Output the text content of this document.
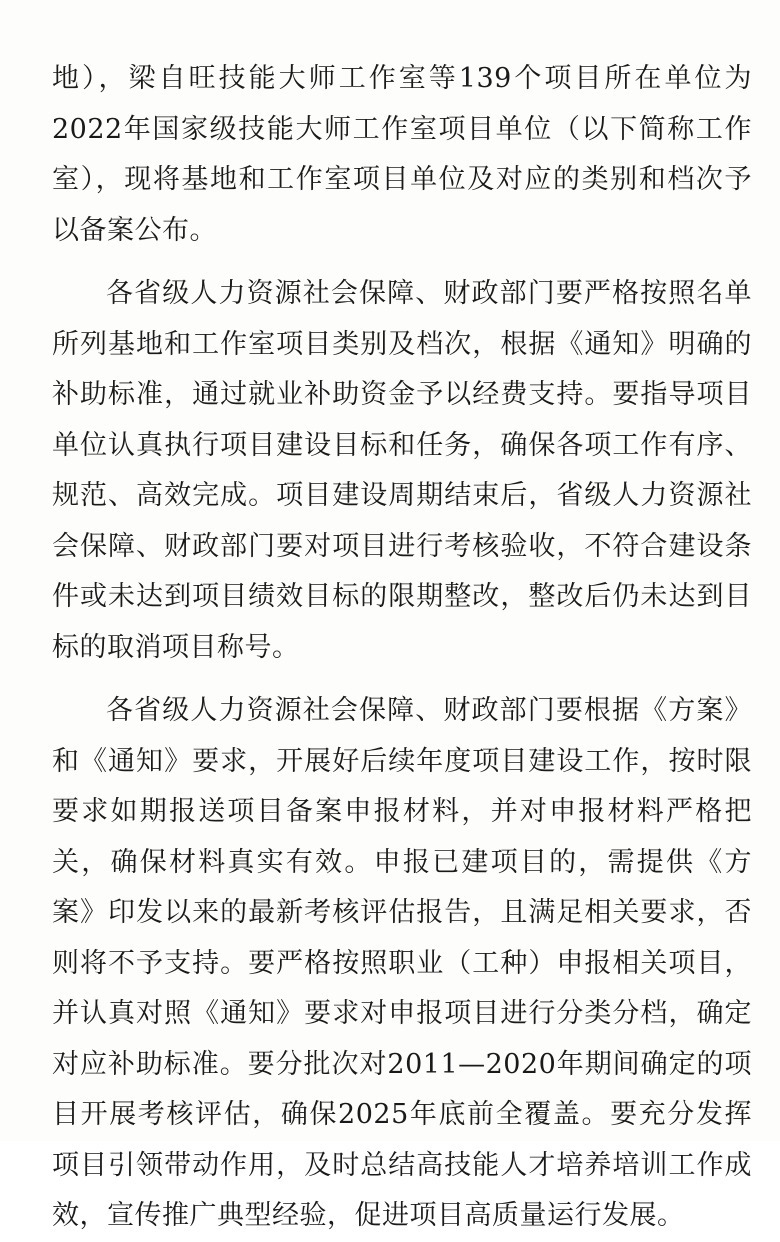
地），梁自旺技能大师工作室等139个项目所在单位为2022年国家级技能大师工作室项目单位（以下简称工作室），现将基地和工作室项目单位及对应的类别和档次予以备案公布。

各省级人力资源社会保障、财政部门要严格按照名单所列基地和工作室项目类别及档次，根据《通知》明确的补助标准，通过就业补助资金予以经费支持。要指导项目单位认真执行项目建设目标和任务，确保各项工作有序、规范、高效完成。项目建设周期结束后，省级人力资源社会保障、财政部门要对项目进行考核验收，不符合建设条件或未达到项目绩效目标的限期整改，整改后仍未达到目标的取消项目称号。

各省级人力资源社会保障、财政部门要根据《方案》和《通知》要求，开展好后续年度项目建设工作，按时限要求如期报送项目备案申报材料，并对申报材料严格把关，确保材料真实有效。申报已建项目的，需提供《方案》印发以来的最新考核评估报告，且满足相关要求，否则将不予支持。要严格按照职业（工种）申报相关项目，并认真对照《通知》要求对申报项目进行分类分档，确定对应补助标准。要分批次对2011—2020年期间确定的项目开展考核评估，确保2025年底前全覆盖。要充分发挥项目引领带动作用，及时总结高技能人才培养培训工作成效，宣传推广典型经验，促进项目高质量运行发展。
